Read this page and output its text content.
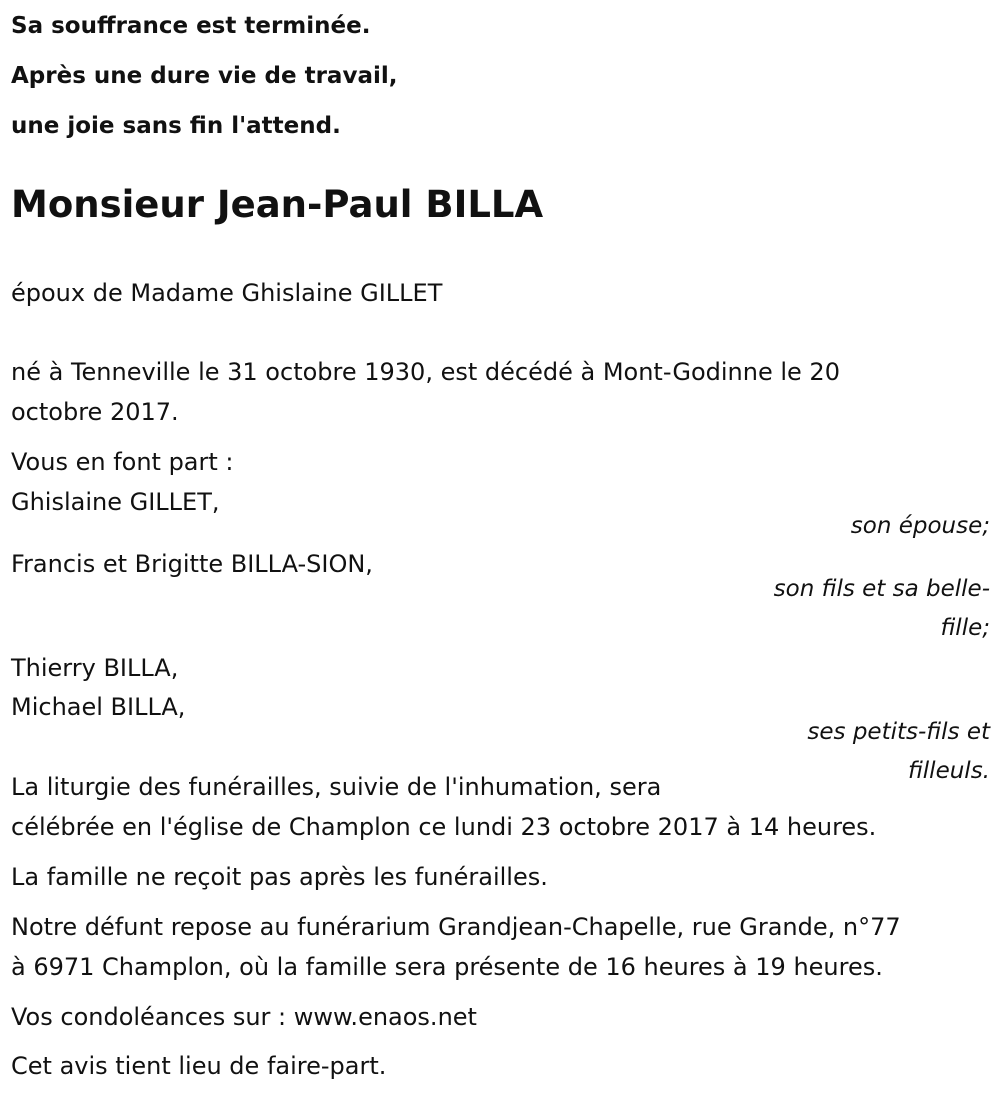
Sa souffrance est terminée.
Après une dure vie de travail,
une joie sans fin l'attend.
Monsieur Jean-Paul BILLA
époux de Madame Ghislaine GILLET
né à Tenneville le 31 octobre 1930, est décédé à Mont-Godinne le 20
octobre 2017.
Vous en font part :
Ghislaine GILLET,
son épouse;
Francis et Brigitte BILLA-SION,
son fils et sa belle-
fille;
Thierry BILLA,
Michael BILLA,
ses petits-fils et
filleuls.
La liturgie des funérailles, suivie de l'inhumation, sera
célébrée en l'église de Champlon ce lundi 23 octobre 2017 à 14 heures.
La famille ne reçoit pas après les funérailles.
Notre défunt repose au funérarium Grandjean-Chapelle, rue Grande, n°77
à 6971 Champlon, où la famille sera présente de 16 heures à 19 heures.
Vos condoléances sur : www.enaos.net
Cet avis tient lieu de faire-part.
